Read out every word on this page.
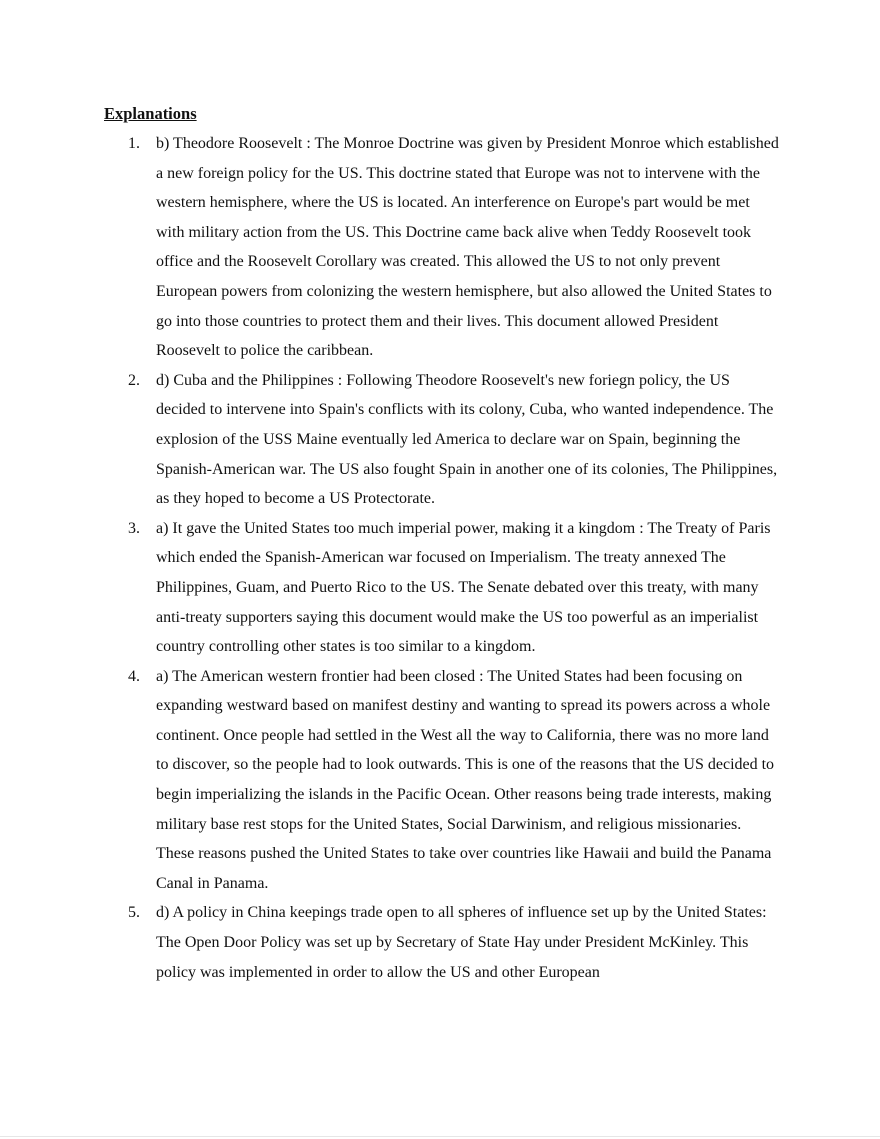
Explanations
1.	b) Theodore Roosevelt : The Monroe Doctrine was given by President Monroe which established a new foreign policy for the US. This doctrine stated that Europe was not to intervene with the western hemisphere, where the US is located. An interference on Europe's part would be met with military action from the US. This Doctrine came back alive when Teddy Roosevelt took office and the Roosevelt Corollary was created. This allowed the US to not only prevent European powers from colonizing the western hemisphere, but also allowed the United States to go into those countries to protect them and their lives. This document allowed President Roosevelt to police the caribbean.
2.	d) Cuba and the Philippines : Following Theodore Roosevelt's new foriegn policy, the US decided to intervene into Spain's conflicts with its colony, Cuba, who wanted independence. The explosion of the USS Maine eventually led America to declare war on Spain, beginning the Spanish-American war. The US also fought Spain in another one of its colonies, The Philippines, as they hoped to become a US Protectorate.
3.	a) It gave the United States too much imperial power, making it a kingdom : The Treaty of Paris which ended the Spanish-American war focused on Imperialism. The treaty annexed The Philippines, Guam, and Puerto Rico to the US. The Senate debated over this treaty, with many anti-treaty supporters saying this document would make the US too powerful as an imperialist country controlling other states is too similar to a kingdom.
4.	a) The American western frontier had been closed : The United States had been focusing on expanding westward based on manifest destiny and wanting to spread its powers across a whole continent. Once people had settled in the West all the way to California, there was no more land to discover, so the people had to look outwards. This is one of the reasons that the US decided to begin imperializing the islands in the Pacific Ocean. Other reasons being trade interests, making military base rest stops for the United States, Social Darwinism, and religious missionaries. These reasons pushed the United States to take over countries like Hawaii and build the Panama Canal in Panama.
5.	d) A policy in China keepings trade open to all spheres of influence set up by the United States: The Open Door Policy was set up by Secretary of State Hay under President McKinley. This policy was implemented in order to allow the US and other European
